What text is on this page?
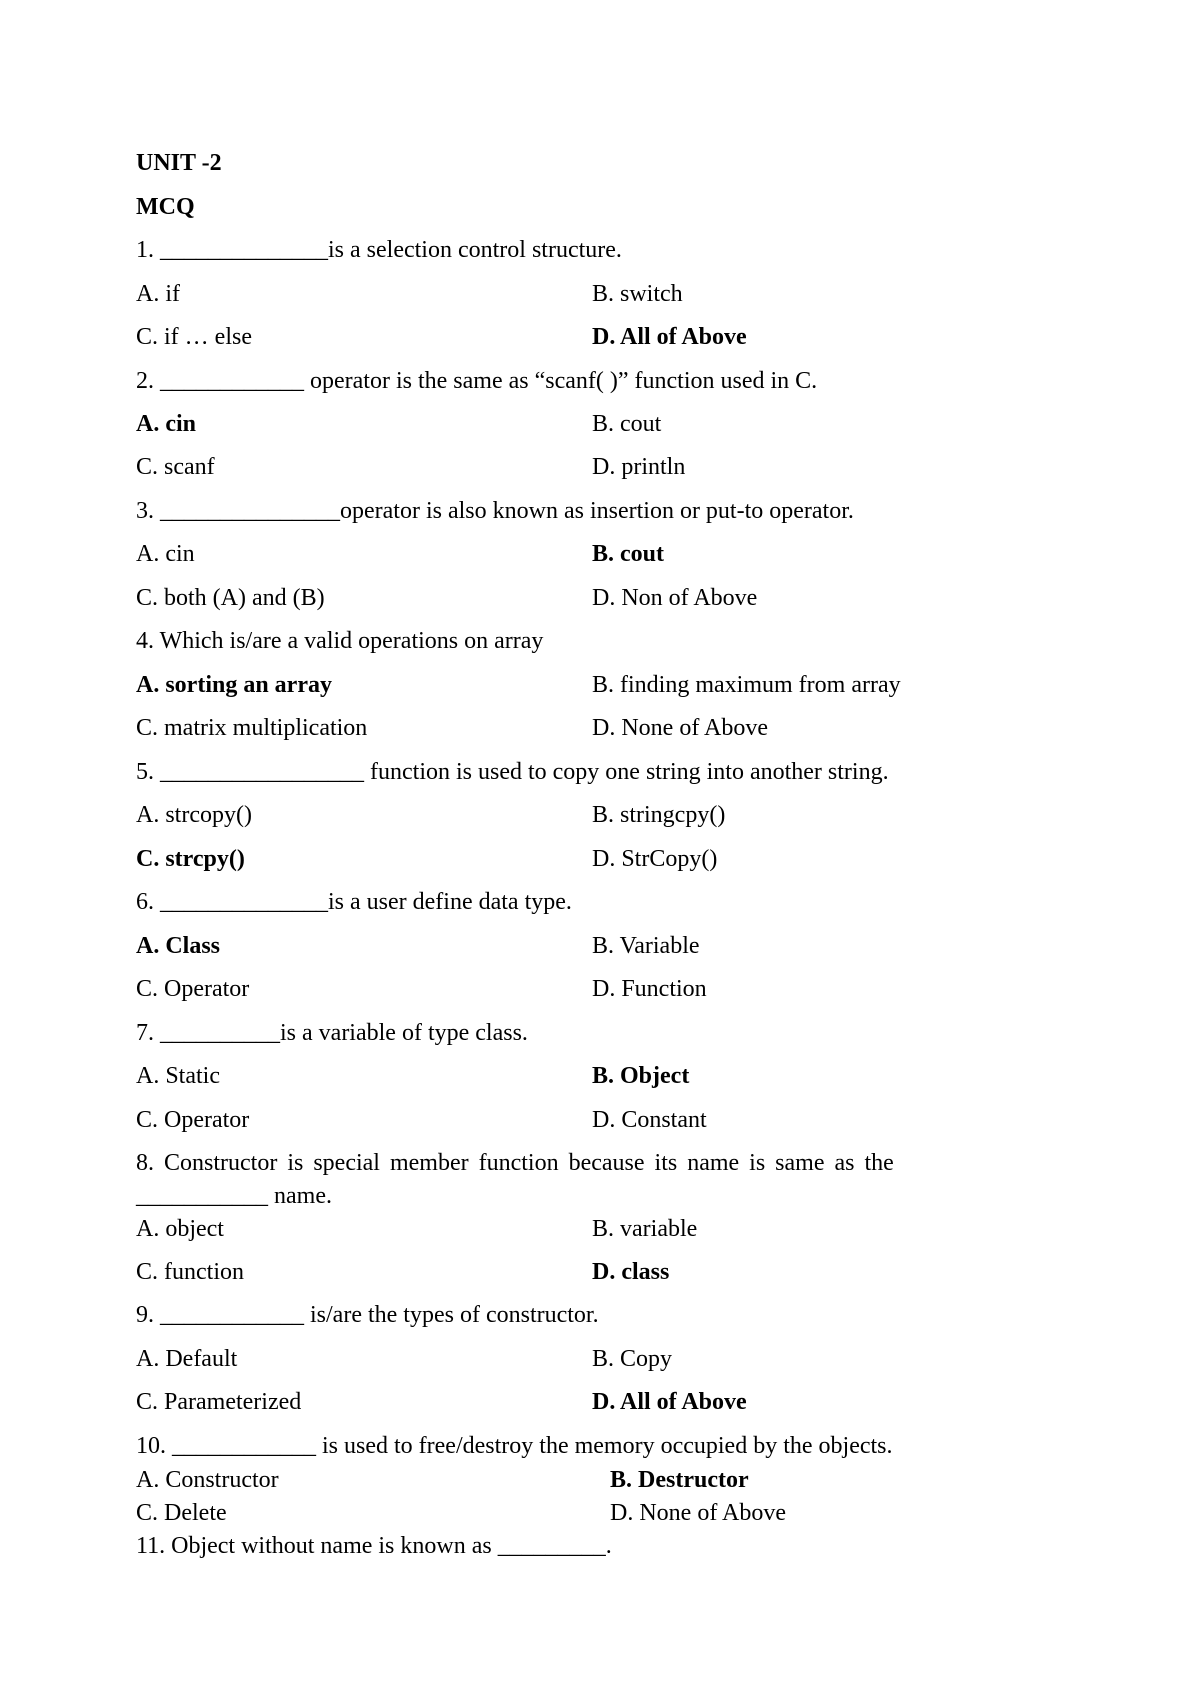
UNIT -2
MCQ
1. ______________is a selection control structure.
A. if	B. switch
C. if … else	D. All of Above
2. ____________ operator is the same as “scanf( )” function used in C.
A. cin	B. cout
C. scanf	D. println
3. _______________operator is also known as insertion or put-to operator.
A. cin	B. cout
C. both (A) and (B)	D. Non of Above
4. Which is/are a valid operations on array
A. sorting an array	B. finding maximum from array
C. matrix multiplication	D. None of Above
5. _________________ function is used to copy one string into another string.
A. strcopy()	B. stringcpy()
C. strcpy()	D. StrCopy()
6. ______________is a user define data type.
A. Class	B. Variable
C. Operator	D. Function
7. __________is a variable of type class.
A. Static	B. Object
C. Operator	D. Constant
8. Constructor is special member function because its name is same as the
___________ name.
A. object	B. variable
C. function	D. class
9. ____________ is/are the types of constructor.
A. Default	B. Copy
C. Parameterized	D. All of Above
10. ____________ is used to free/destroy the memory occupied by the objects.
A. Constructor	B. Destructor
C. Delete	D. None of Above
11. Object without name is known as _________.
